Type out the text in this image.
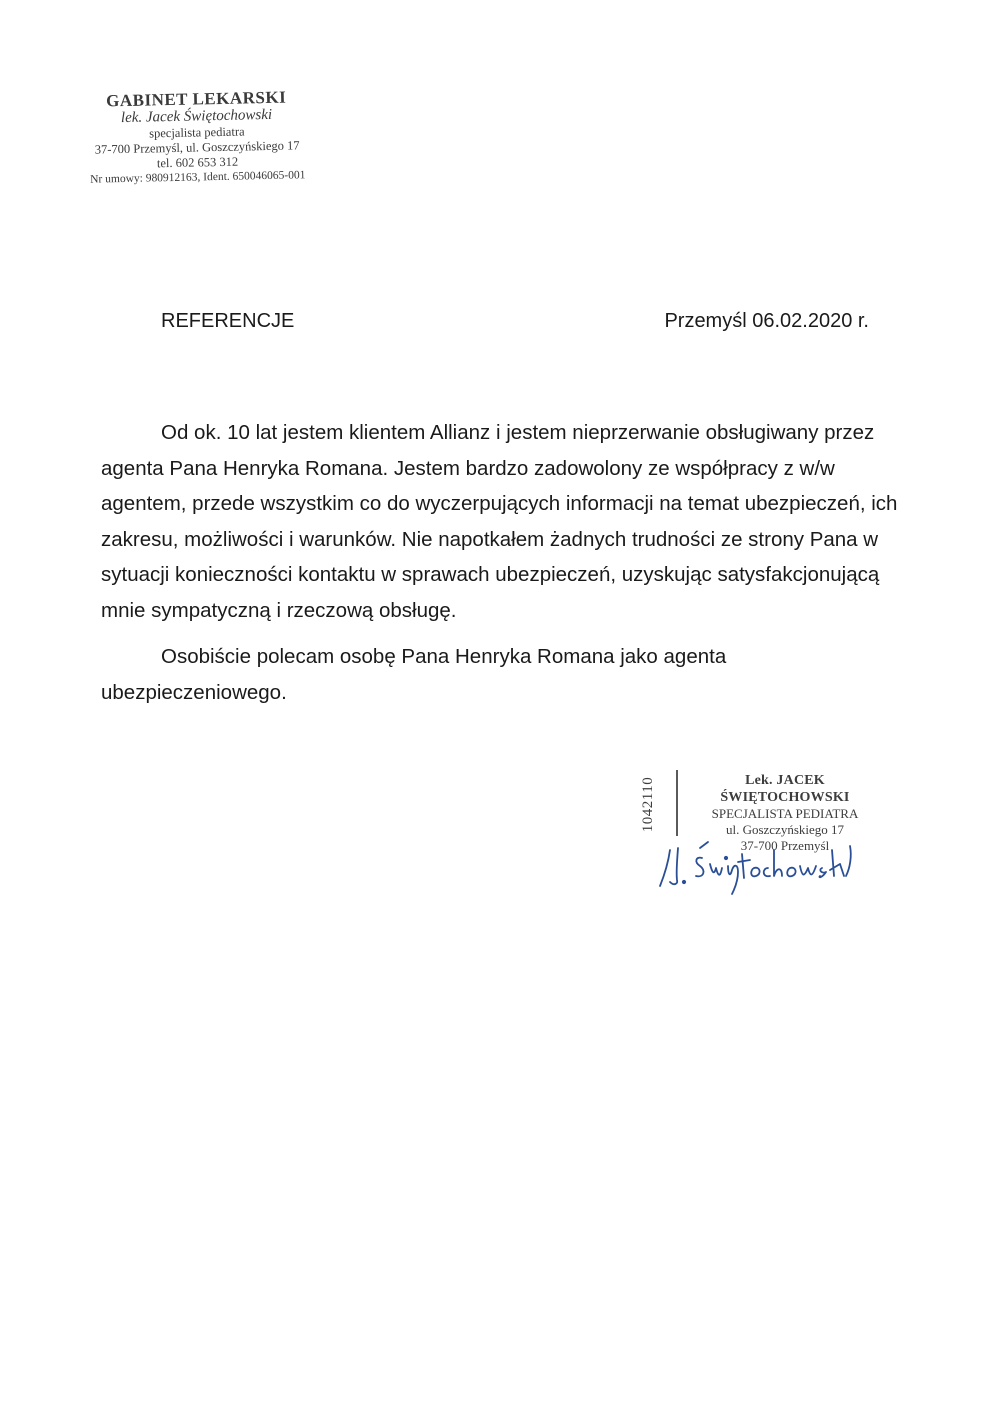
GABINET LEKARSKI
lek. Jacek Świętochowski
specjalista pediatra
37-700 Przemyśl, ul. Goszczyńskiego 17
tel. 602 653 312
Nr umowy: 980912163, Ident. 650046065-001
REFERENCJE	Przemyśl 06.02.2020 r.

Od ok. 10 lat jestem klientem Allianz i jestem nieprzerwanie obsługiwany przez agenta Pana Henryka Romana. Jestem bardzo zadowolony ze współpracy z w/w agentem, przede wszystkim co do wyczerpujących informacji na temat ubezpieczeń, ich zakresu, możliwości i warunków. Nie napotkałem żadnych trudności ze strony Pana w sytuacji konieczności kontaktu w sprawach ubezpieczeń, uzyskując satysfakcjonującą mnie sympatyczną i rzeczową obsługę.

Osobiście polecam osobę Pana Henryka Romana jako agenta ubezpieczeniowego.

1042110	Lek. JACEK ŚWIĘTOCHOWSKI
SPECJALISTA PEDIATRA
ul. Goszczyńskiego 17
37-700 Przemyśl
